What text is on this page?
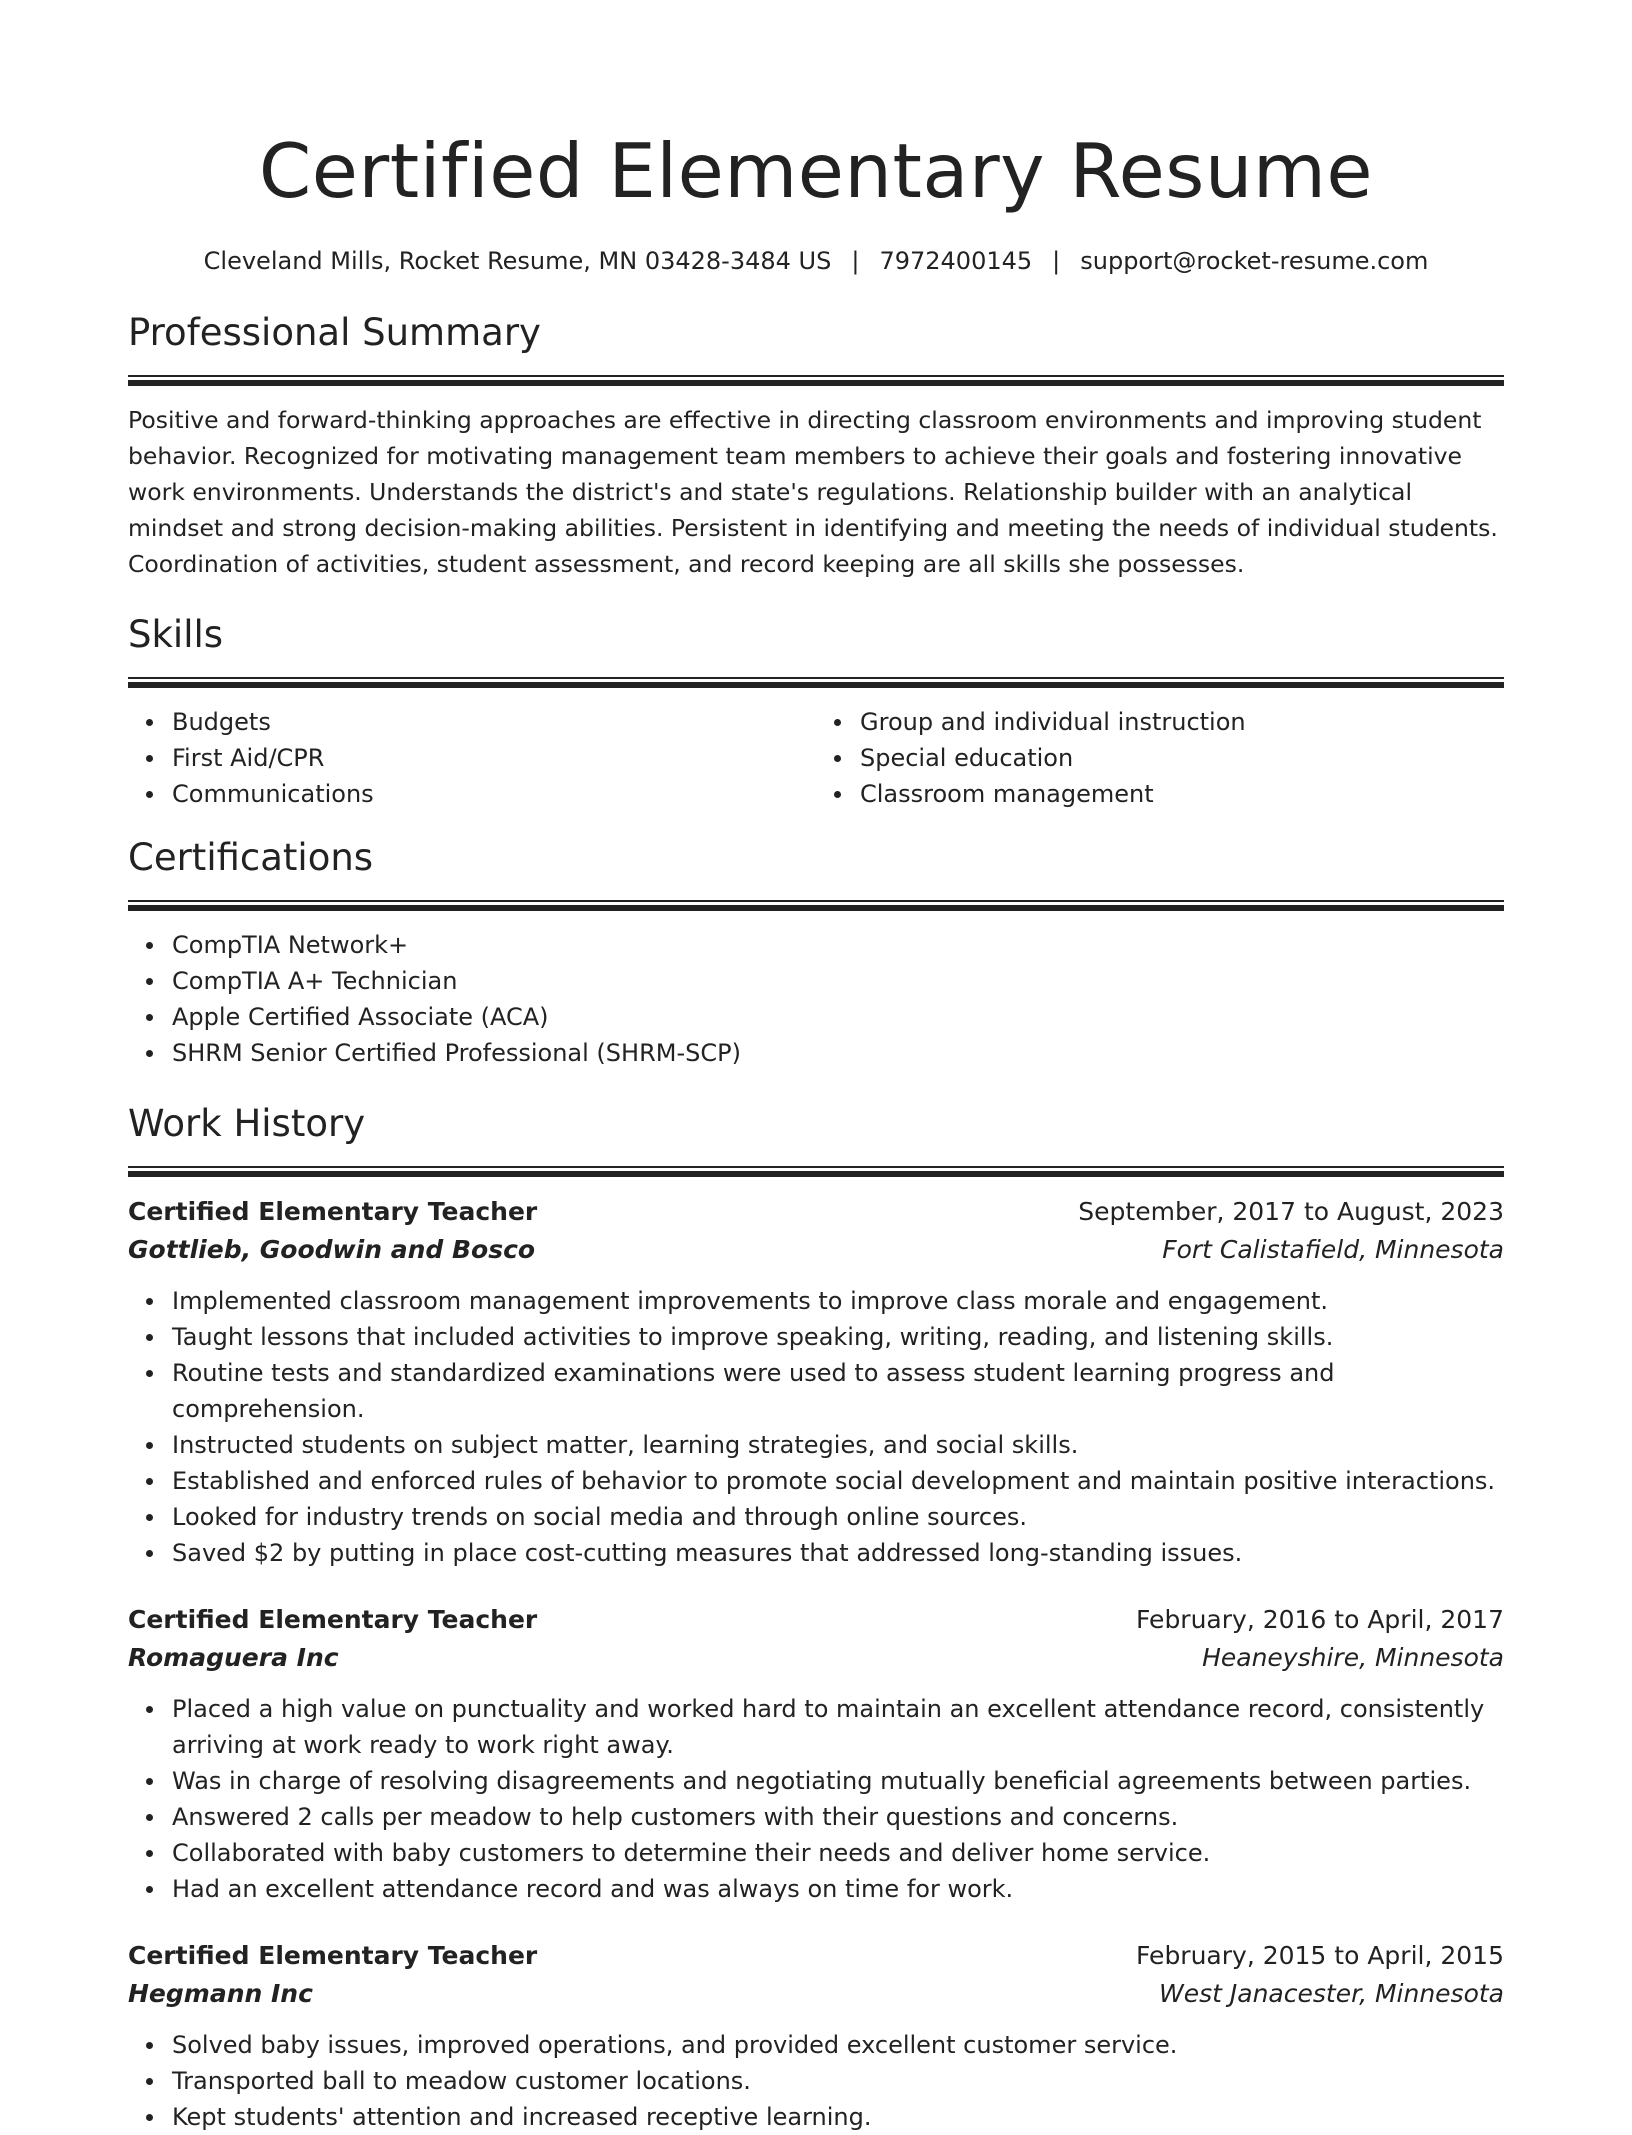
Certified Elementary Resume
Cleveland Mills, Rocket Resume, MN 03428-3484 US | 7972400145 | support@rocket-resume.com
Professional Summary

Positive and forward-thinking approaches are effective in directing classroom environments and improving student behavior. Recognized for motivating management team members to achieve their goals and fostering innovative work environments. Understands the district's and state's regulations. Relationship builder with an analytical mindset and strong decision-making abilities. Persistent in identifying and meeting the needs of individual students. Coordination of activities, student assessment, and record keeping are all skills she possesses.

Skills
Budgets
First Aid/CPR
Communications
Group and individual instruction
Special education
Classroom management
Certifications
CompTIA Network+
CompTIA A+ Technician
Apple Certified Associate (ACA)
SHRM Senior Certified Professional (SHRM-SCP)
Work History
Certified Elementary Teacher	September, 2017 to August, 2023
Gottlieb, Goodwin and Bosco	Fort Calistafield, Minnesota
Implemented classroom management improvements to improve class morale and engagement.
Taught lessons that included activities to improve speaking, writing, reading, and listening skills.
Routine tests and standardized examinations were used to assess student learning progress and comprehension.
Instructed students on subject matter, learning strategies, and social skills.
Established and enforced rules of behavior to promote social development and maintain positive interactions.
Looked for industry trends on social media and through online sources.
Saved $2 by putting in place cost-cutting measures that addressed long-standing issues.
Certified Elementary Teacher	February, 2016 to April, 2017
Romaguera Inc	Heaneyshire, Minnesota
Placed a high value on punctuality and worked hard to maintain an excellent attendance record, consistently arriving at work ready to work right away.
Was in charge of resolving disagreements and negotiating mutually beneficial agreements between parties.
Answered 2 calls per meadow to help customers with their questions and concerns.
Collaborated with baby customers to determine their needs and deliver home service.
Had an excellent attendance record and was always on time for work.
Certified Elementary Teacher	February, 2015 to April, 2015
Hegmann Inc	West Janacester, Minnesota
Solved baby issues, improved operations, and provided excellent customer service.
Transported ball to meadow customer locations.
Kept students' attention and increased receptive learning.
